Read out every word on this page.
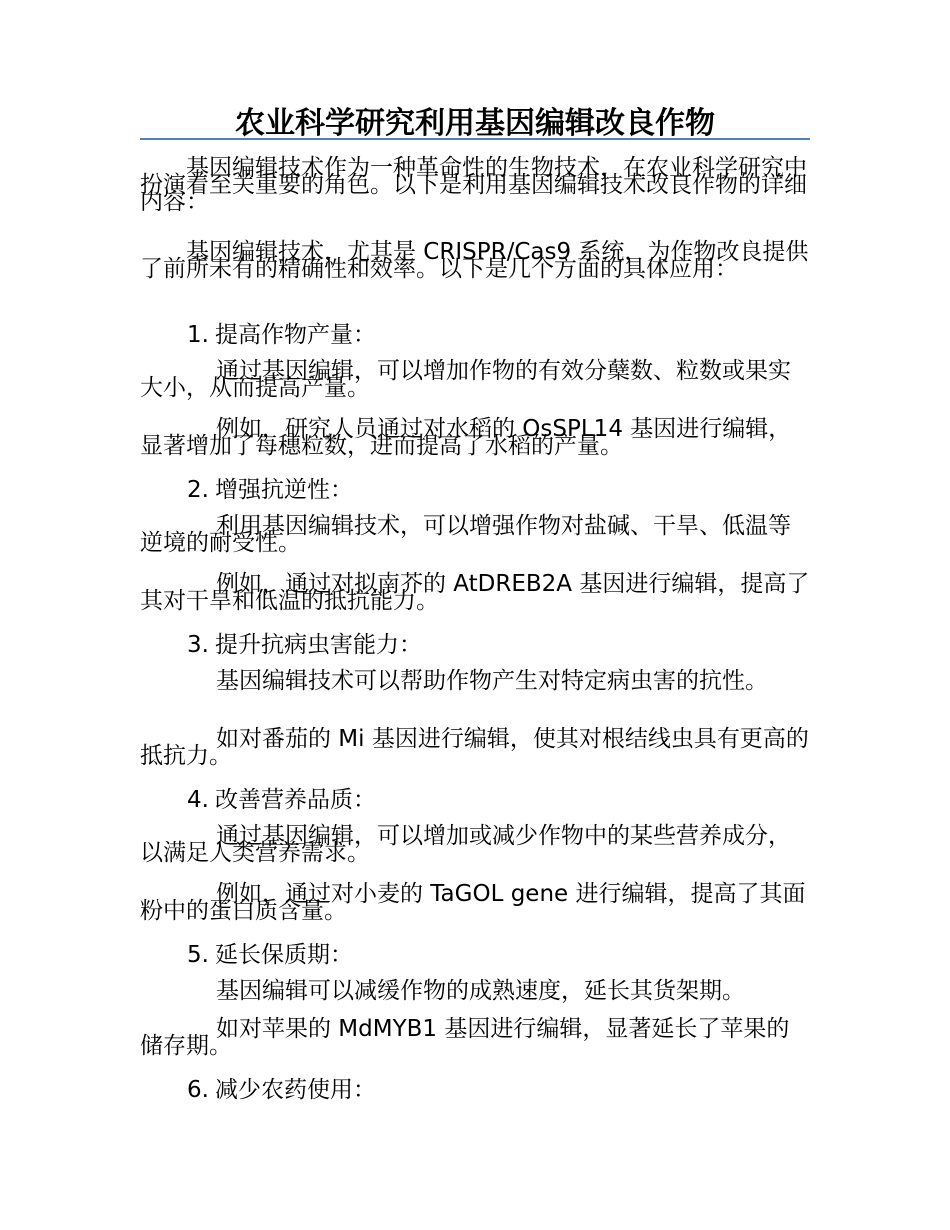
农业科学研究利用基因编辑改良作物

基因编辑技术作为一种革命性的生物技术，在农业科学研究中扮演着至关重要的角色。以下是利用基因编辑技术改良作物的详细内容：

基因编辑技术，尤其是 CRISPR/Cas9 系统，为作物改良提供了前所未有的精确性和效率。以下是几个方面的具体应用：

1. 提高作物产量：

通过基因编辑，可以增加作物的有效分蘖数、粒数或果实大小，从而提高产量。

例如，研究人员通过对水稻的 OsSPL14 基因进行编辑，显著增加了每穗粒数，进而提高了水稻的产量。

2. 增强抗逆性：

利用基因编辑技术，可以增强作物对盐碱、干旱、低温等逆境的耐受性。

例如，通过对拟南芥的 AtDREB2A 基因进行编辑，提高了其对干旱和低温的抵抗能力。

3. 提升抗病虫害能力：

基因编辑技术可以帮助作物产生对特定病虫害的抗性。

如对番茄的 Mi 基因进行编辑，使其对根结线虫具有更高的抵抗力。

4. 改善营养品质：

通过基因编辑，可以增加或减少作物中的某些营养成分，以满足人类营养需求。

例如，通过对小麦的 TaGOL gene 进行编辑，提高了其面粉中的蛋白质含量。

5. 延长保质期：

基因编辑可以减缓作物的成熟速度，延长其货架期。

如对苹果的 MdMYB1 基因进行编辑，显著延长了苹果的储存期。

6. 减少农药使用：
